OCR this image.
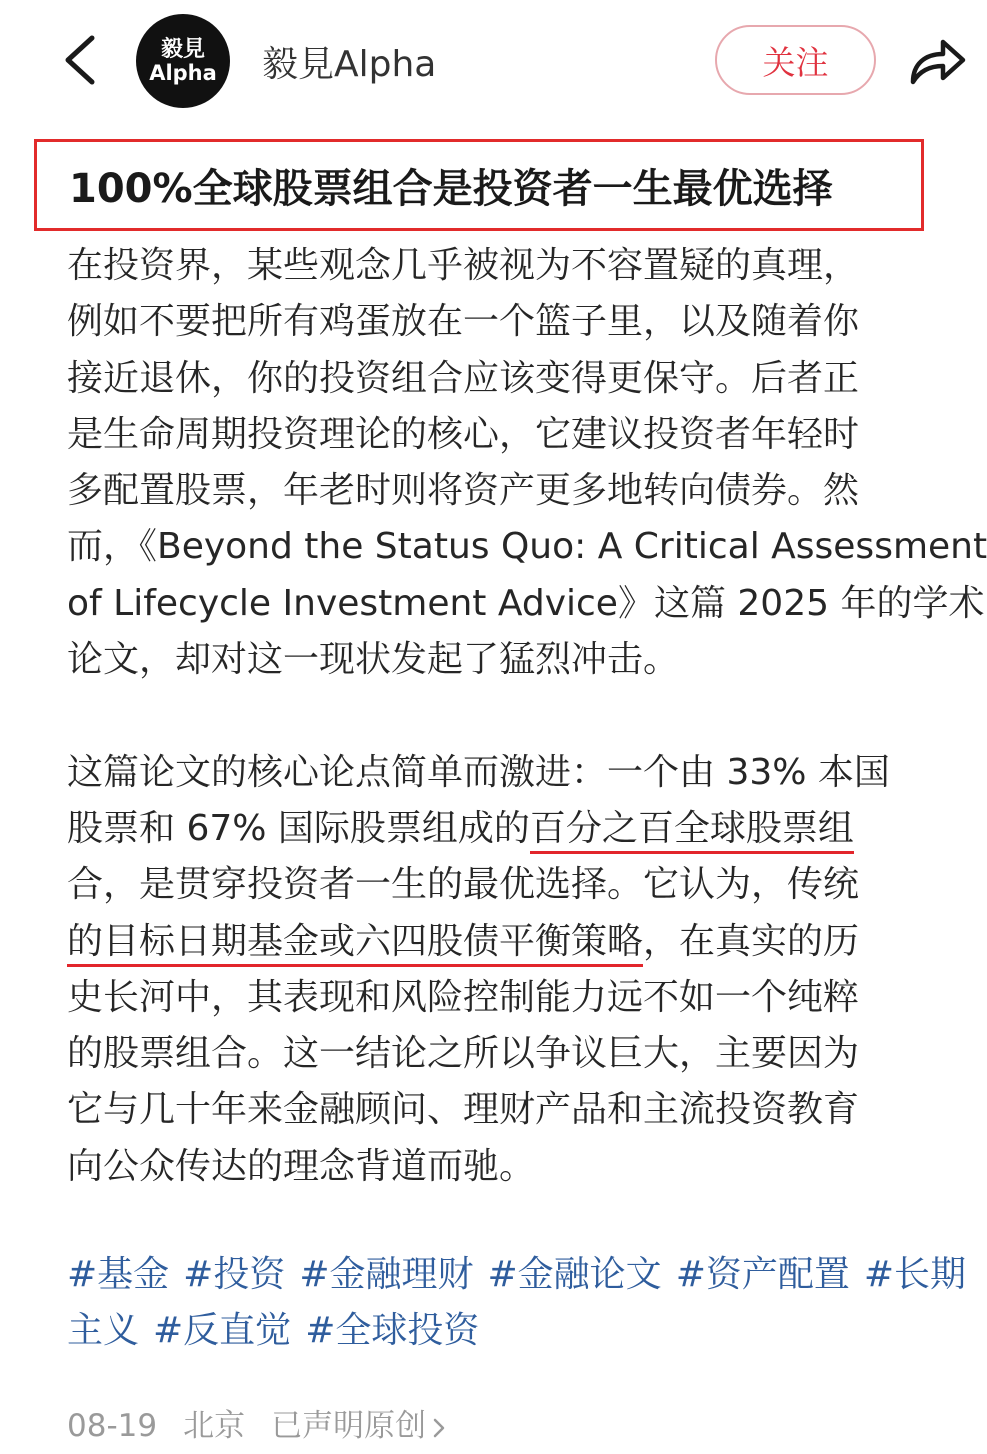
毅見
Alpha 毅見Alpha	关注
100%全球股票组合是投资者一生最优选择
在投资界，某些观念几乎被视为不容置疑的真理，
例如不要把所有鸡蛋放在一个篮子里，以及随着你
接近退休，你的投资组合应该变得更保守。后者正
是生命周期投资理论的核心，它建议投资者年轻时
多配置股票，年老时则将资产更多地转向债券。然
而，《Beyond the Status Quo: A Critical Assessment
of Lifecycle Investment Advice》这篇 2025 年的学术
论文，却对这一现状发起了猛烈冲击。
这篇论文的核心论点简单而激进：一个由 33% 本国
股票和 67% 国际股票组成的百分之百全球股票组
合，是贯穿投资者一生的最优选择。它认为，传统
的目标日期基金或六四股债平衡策略，在真实的历
史长河中，其表现和风险控制能力远不如一个纯粹
的股票组合。这一结论之所以争议巨大，主要因为
它与几十年来金融顾问、理财产品和主流投资教育
向公众传达的理念背道而驰。
#基金 #投资 #金融理财 #金融论文 #资产配置 #长期
主义 #反直觉 #全球投资
08-19 北京 已声明原创
